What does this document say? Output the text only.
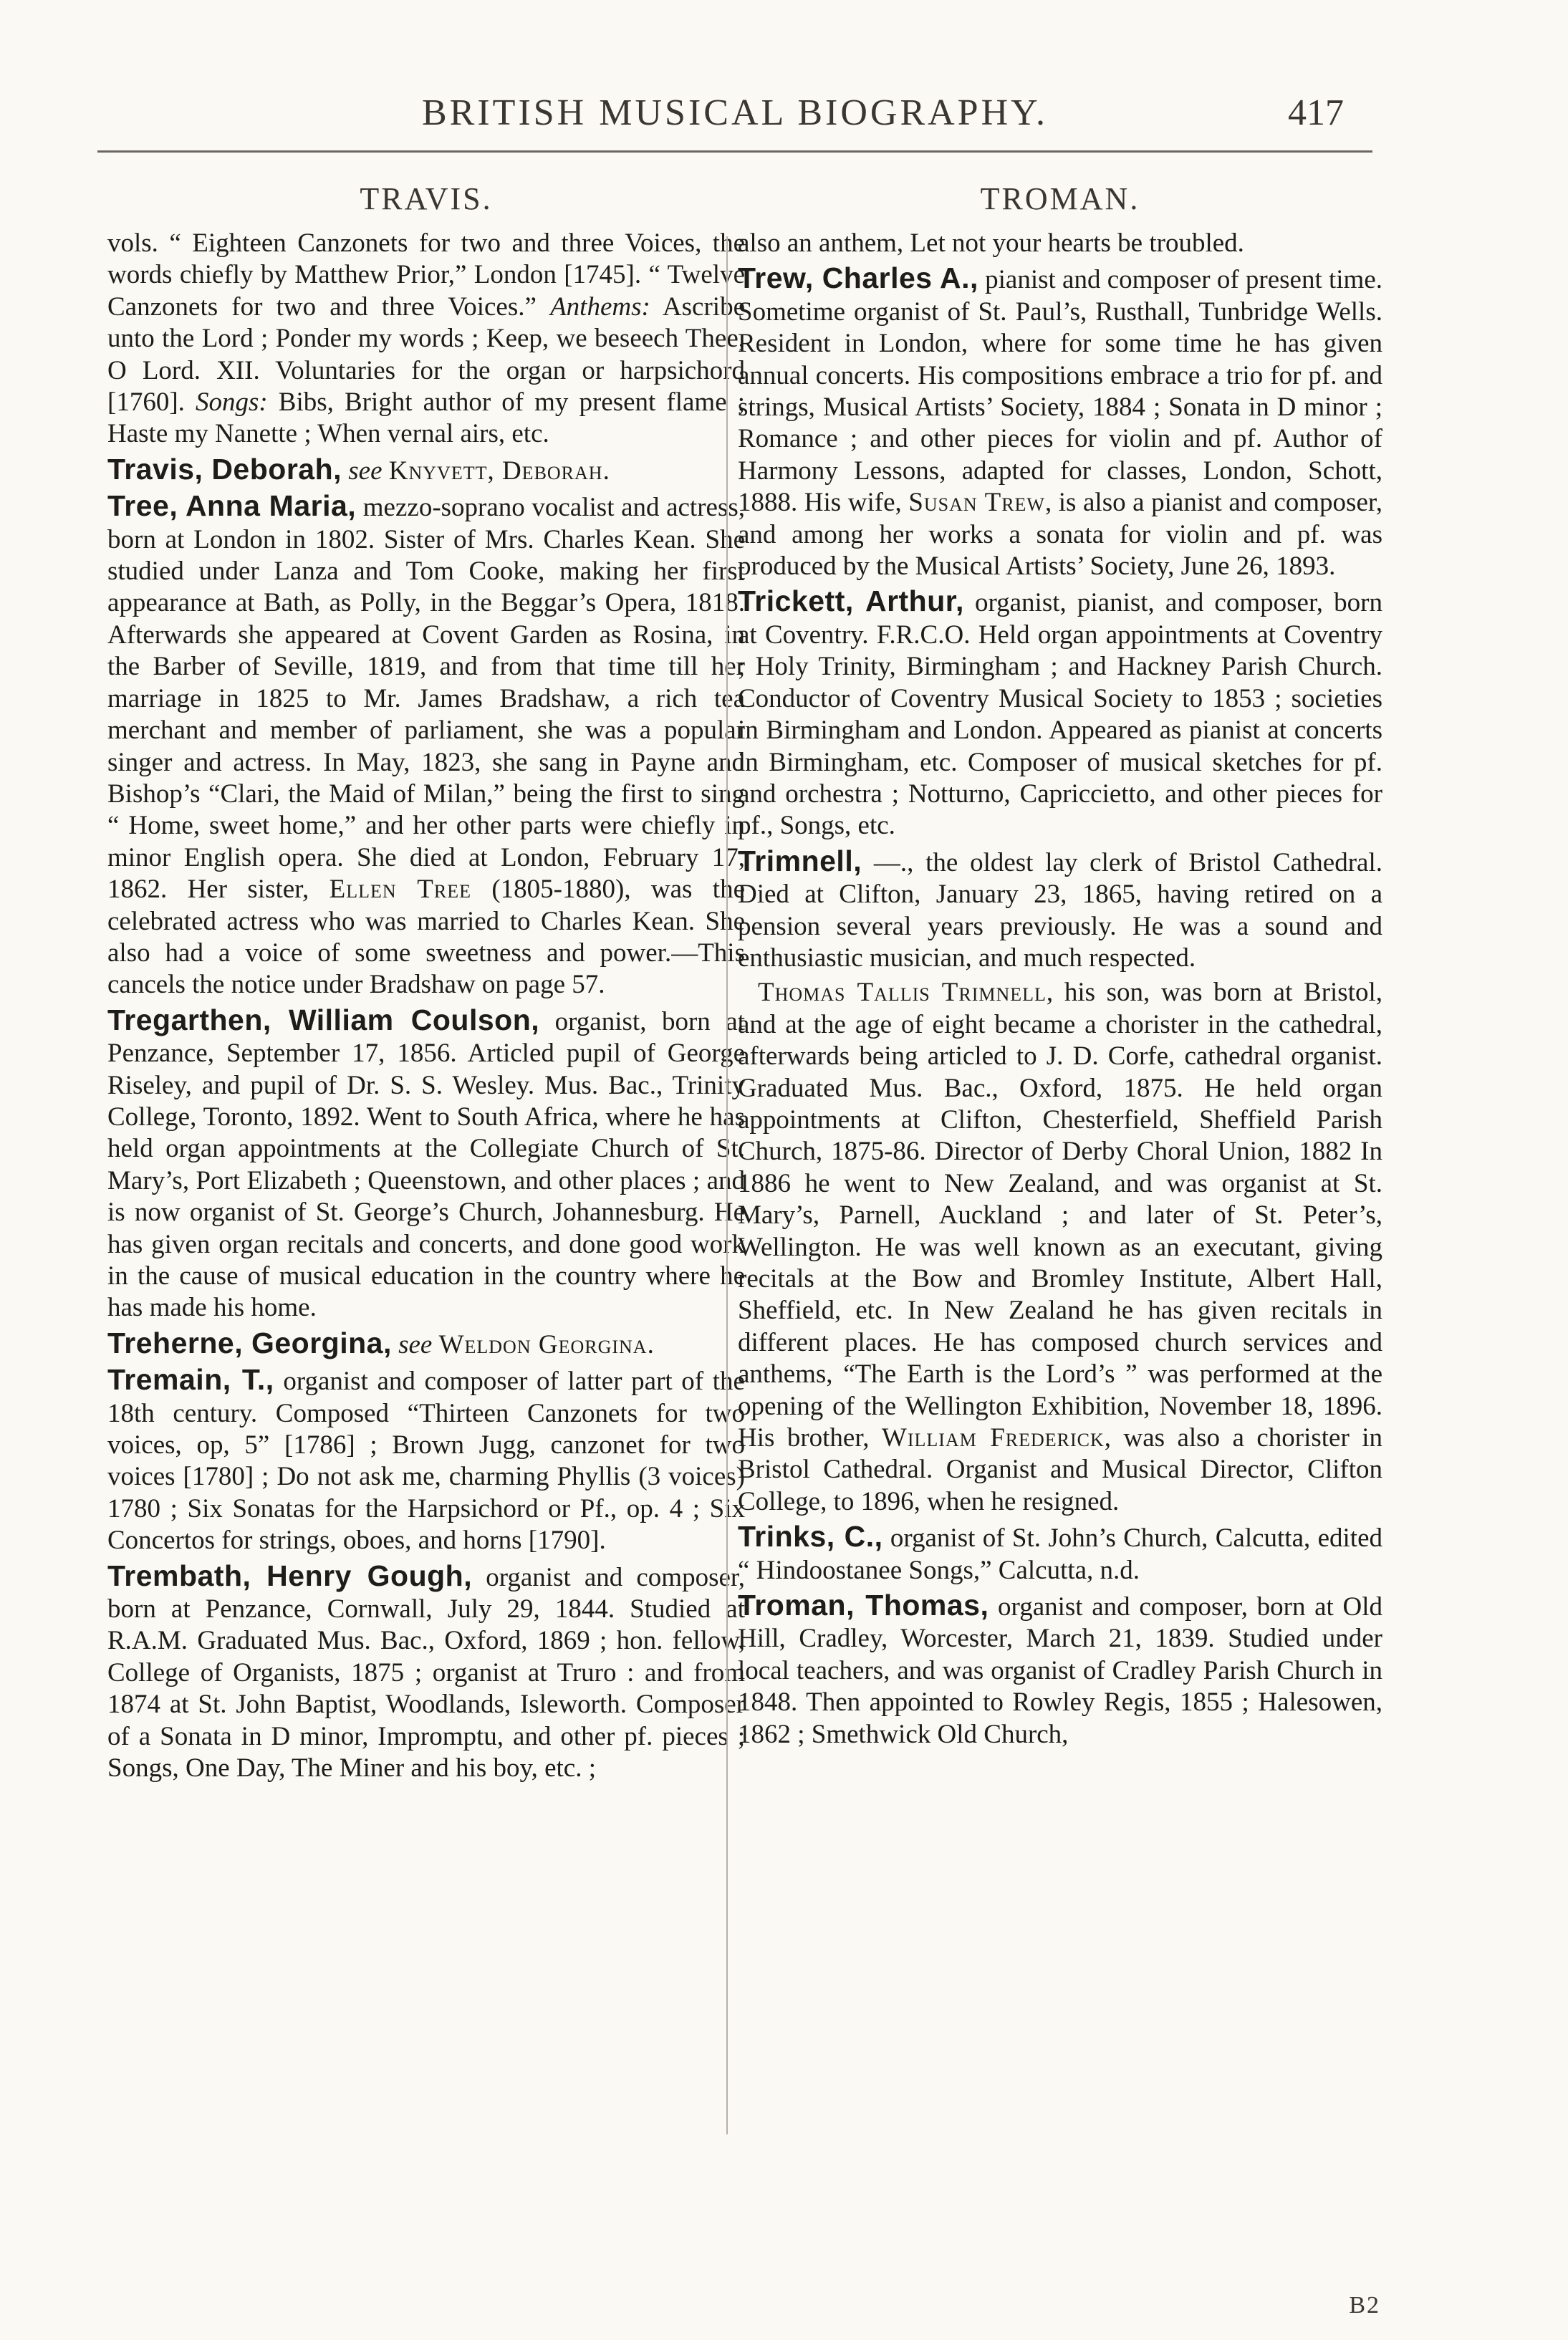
BRITISH MUSICAL BIOGRAPHY.	417
TRAVIS.

vols. “ Eighteen Canzonets for two and three Voices, the words chiefly by Matthew Prior,” London [1745]. “ Twelve Canzonets for two and three Voices.” Anthems: Ascribe unto the Lord ; Ponder my words ; Keep, we beseech Thee, O Lord. XII. Voluntaries for the organ or harpsichord [1760]. Songs: Bibs, Bright author of my present flame ; Haste my Nanette ; When vernal airs, etc.

Travis, Deborah, see Knyvett, Deborah.

Tree, Anna Maria, mezzo-soprano vocalist and actress, born at London in 1802. Sister of Mrs. Charles Kean. She studied under Lanza and Tom Cooke, making her first appearance at Bath, as Polly, in the Beggar’s Opera, 1818. Afterwards she appeared at Covent Garden as Rosina, in the Barber of Seville, 1819, and from that time till her marriage in 1825 to Mr. James Bradshaw, a rich tea merchant and member of parliament, she was a popular singer and actress. In May, 1823, she sang in Payne and Bishop’s “Clari, the Maid of Milan,” being the first to sing “ Home, sweet home,” and her other parts were chiefly in minor English opera. She died at London, February 17, 1862. Her sister, Ellen Tree (1805-1880), was the celebrated actress who was married to Charles Kean. She also had a voice of some sweetness and power.—This cancels the notice under Bradshaw on page 57.

Tregarthen, William Coulson, organist, born at Penzance, September 17, 1856. Articled pupil of George Riseley, and pupil of Dr. S. S. Wesley. Mus. Bac., Trinity College, Toronto, 1892. Went to South Africa, where he has held organ appointments at the Collegiate Church of St. Mary’s, Port Elizabeth ; Queenstown, and other places ; and is now organist of St. George’s Church, Johannesburg. He has given organ recitals and concerts, and done good work in the cause of musical education in the country where he has made his home.

Treherne, Georgina, see Weldon Georgina.

Tremain, T., organist and composer of latter part of the 18th century. Composed “Thirteen Canzonets for two voices, op, 5” [1786] ; Brown Jugg, canzonet for two voices [1780] ; Do not ask me, charming Phyllis (3 voices) 1780 ; Six Sonatas for the Harpsichord or Pf., op. 4 ; Six Concertos for strings, oboes, and horns [1790].

Trembath, Henry Gough, organist and composer, born at Penzance, Cornwall, July 29, 1844. Studied at R.A.M. Graduated Mus. Bac., Oxford, 1869 ; hon. fellow, College of Organists, 1875 ; organist at Truro : and from 1874 at St. John Baptist, Woodlands, Isleworth. Composer of a Sonata in D minor, Impromptu, and other pf. pieces ; Songs, One Day, The Miner and his boy, etc. ;

TROMAN.

also an anthem, Let not your hearts be troubled.

Trew, Charles A., pianist and composer of present time. Sometime organist of St. Paul’s, Rusthall, Tunbridge Wells. Resident in London, where for some time he has given annual concerts. His compositions embrace a trio for pf. and strings, Musical Artists’ Society, 1884 ; Sonata in D minor ; Romance ; and other pieces for violin and pf. Author of Harmony Lessons, adapted for classes, London, Schott, 1888. His wife, Susan Trew, is also a pianist and composer, and among her works a sonata for violin and pf. was produced by the Musical Artists’ Society, June 26, 1893.

Trickett, Arthur, organist, pianist, and composer, born at Coventry. F.R.C.O. Held organ appointments at Coventry ; Holy Trinity, Birmingham ; and Hackney Parish Church. Conductor of Coventry Musical Society to 1853 ; societies in Birmingham and London. Appeared as pianist at concerts in Birmingham, etc. Composer of musical sketches for pf. and orchestra ; Notturno, Capriccietto, and other pieces for pf., Songs, etc.

Trimnell, —., the oldest lay clerk of Bristol Cathedral. Died at Clifton, January 23, 1865, having retired on a pension several years previously. He was a sound and enthusiastic musician, and much respected.

Thomas Tallis Trimnell, his son, was born at Bristol, and at the age of eight became a chorister in the cathedral, afterwards being articled to J. D. Corfe, cathedral organist. Graduated Mus. Bac., Oxford, 1875. He held organ appointments at Clifton, Chesterfield, Sheffield Parish Church, 1875-86. Director of Derby Choral Union, 1882 In 1886 he went to New Zealand, and was organist at St. Mary’s, Parnell, Auckland ; and later of St. Peter’s, Wellington. He was well known as an executant, giving recitals at the Bow and Bromley Institute, Albert Hall, Sheffield, etc. In New Zealand he has given recitals in different places. He has composed church services and anthems, “The Earth is the Lord’s ” was performed at the opening of the Wellington Exhibition, November 18, 1896. His brother, William Frederick, was also a chorister in Bristol Cathedral. Organist and Musical Director, Clifton College, to 1896, when he resigned.

Trinks, C., organist of St. John’s Church, Calcutta, edited “ Hindoostanee Songs,” Calcutta, n.d.

Troman, Thomas, organist and composer, born at Old Hill, Cradley, Worcester, March 21, 1839. Studied under local teachers, and was organist of Cradley Parish Church in 1848. Then appointed to Rowley Regis, 1855 ; Halesowen, 1862 ; Smethwick Old Church,

B2
